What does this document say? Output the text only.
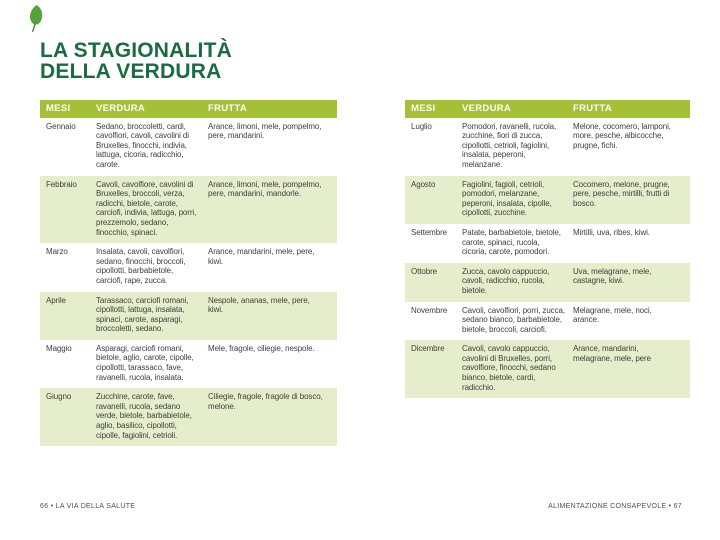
LA STAGIONALITÀ
DELLA VERDURA
MESI	VERDURA	FRUTTA
Gennaio	Sedano, broccoletti, cardi, cavolfiori, cavoli, cavolini di Bruxelles, finocchi, indivia, lattuga, cicoria, radicchio, carote.	Arance, limoni, mele, pompelmo, pere, mandarini.
Febbraio	Cavoli, cavolfiore, cavolini di Bruxelles, broccoli, verza, radicchi, bietole, carote, carciofi, indivia, lattuga, porri, prezzemolo, sedano, finocchio, spinaci.	Arance, limoni, mele, pompelmo, pere, mandarini, mandorle.
Marzo	Insalata, cavoli, cavolfiori, sedano, finocchi, broccoli, cipollotti, barbabietole, carciofi, rape, zucca.	Arance, mandarini, mele, pere, kiwi.
Aprile	Tarassaco, carciofi romani, cipollotti, lattuga, insalata, spinaci, carote, asparagi, broccoletti, sedano.	Nespole, ananas, mele, pere, kiwi.
Maggio	Asparagi, carciofi romani, bietole, aglio, carote, cipolle, cipollotti, tarassaco, fave, ravanelli, rucola, insalata.	Mele, fragole, ciliegie, nespole.
Giugno	Zucchine, carote, fave, ravanelli, rucola, sedano verde, bietole, barbabietole, aglio, basilico, cipollotti, cipolle, fagiolini, cetrioli.	Ciliegie, fragole, fragole di bosco, melone.
MESI	VERDURA	FRUTTA
Luglio	Pomodori, ravanelli, rucola, zucchine, fiori di zucca, cipollotti, cetrioli, fagiolini, insalata, peperoni, melanzane.	Melone, cocomero, lamponi, more, pesche, albicocche, prugne, fichi.
Agosto	Fagiolini, fagioli, cetrioli, pomodori, melanzane, peperoni, insalata, cipolle, cipollotti, zucchine.	Cocomero, melone, prugne, pere, pesche, mirtilli, frutti di bosco.
Settembre	Patate, barbabietole, bietole, carote, spinaci, rucola, cicoria, carote, pomodori.	Mirtilli, uva, ribes, kiwi.
Ottobre	Zucca, cavolo cappuccio, cavoli, radicchio, rucola, bietole.	Uva, melagrane, mele, castagne, kiwi.
Novembre	Cavoli, cavolfiori, porri, zucca, sedano bianco, barbabietole, bietole, broccoli, carciofi.	Melagrane, mele, noci, arance.
Dicembre	Cavoli, cavolo cappuccio, cavolini di Bruxelles, porri, cavolfiore, finocchi, sedano bianco, bietole, cardi, radicchio.	Arance, mandarini, melagrane, mele, pere
66 • LA VIA DELLA SALUTE	ALIMENTAZIONE CONSAPEVOLE • 67
